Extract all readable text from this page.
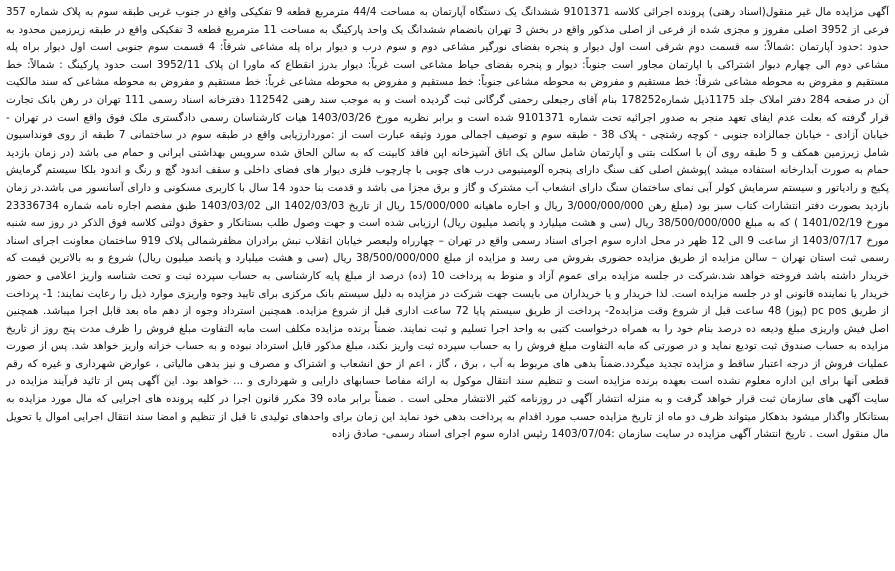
آگهی مزایده مال غیر منقول(اسناد رهنی) پرونده اجرائی کلاسه 9101371 ششدانگ یک دستگاه آپارتمان به مساحت 44/4 مترمربع قطعه 9 تفکیکی واقع در جنوب غربی طبقه سوم به پلاک شماره 357 فرعی از 3952 اصلی مفروز و مجزی شده از فرعی از اصلی مذکور واقع در بخش 3 تهران بانضمام ششدانگ یک واحد پارکینگ به مساحت 11 مترمربع قطعه 3 تفکیکی واقع در طبقه زیرزمین محدود به حدود :حدود آپارتمان :شمالاً: سه قسمت دوم شرقی است اول دیوار و پنجره بفضای نورگیر مشاعی دوم و سوم درب و دیوار براه پله مشاعی شرقاً: 4 قسمت سوم جنوبی است اول دیوار براه پله مشاعی دوم الی چهارم دیوار اشتراکی با اپارتمان مجاور است جنوباً: دیوار و پنجره بفضای حیاط مشاعی است غرباً: دیوار بدرز انقطاع که ماورا ان پلاک 3952/11 است حدود پارکینگ : شمالاً: خط مستقیم و مفروض به محوطه مشاعی شرقاً: خط مستقیم و مفروض به محوطه مشاعی جنوباً: خط مستقیم و مفروض به محوطه مشاعی غرباً: خط مستقیم و مفروض به محوطه مشاعی که سند مالکیت آن در صفحه 284 دفتر املاک جلد 1175ذیل شماره178252 بنام آقای رجبعلی رحمتی گرگانی ثبت گردیده است و به موجب سند رهنی 112542 دفترخانه اسناد رسمی 111 تهران در رهن بانک تجارت قرار گرفته که بعلت عدم ایفای تعهد منجر به صدور اجرائیه تحت شماره 9101371 شده است و برابر نظریه مورخ 1403/03/26 هیات کارشناسان رسمی دادگستری ملک فوق واقع است در تهران - خیابان آزادی - خیابان جمالزاده جنوبی - کوچه رشتچی - پلاک 38 - طبقه سوم و توصیف اجمالی مورد وثیقه عبارت است از :موردارزیابی واقع در طبقه سوم در ساختمانی 7 طبقه از روی فونداسیون شامل زیرزمین همکف و 5 طبقه روی آن با اسکلت بتنی و آپارتمان شامل سالن یک اتاق آشپزخانه اپن فاقد کابینت که به سالن الحاق شده سرویس بهداشتی ایرانی و حمام می باشد (در زمان بازدید حمام به صورت آبدارخانه استفاده میشد )پوشش اصلی کف سنگ دارای پنجره آلومینیومی درب های چوبی با چارچوب فلزی دیوار های فضای داخلی و سقف اندود گچ و رنگ و اندود بلکا سیستم گرمایش پکیج و رادیاتور و سیستم سرمایش کولر آبی نمای ساختمان سنگ دارای انشعاب آب مشترک و گاز و برق مجزا می باشد و قدمت بنا حدود 14 سال با کاربری مسکونی و دارای آسانسور می باشد.در زمان بازدید بصورت دفتر انتشارات کتاب سبز بود (مبلغ رهن 3/000/000/000 ریال و اجاره ماهیانه 15/000/000 ریال از تاریخ 1402/03/03 الی 1403/03/02 طبق مفصم اجاره نامه شماره 23336734 مورخ 1401/02/19 ) که به مبلغ 38/500/000/000 ریال (سی و هشت میلیارد و پانصد میلیون ریال) ارزیابی شده است و جهت وصول طلب بستانکار و حقوق دولتی کلاسه فوق الذکر در روز سه شنبه مورخ 1403/07/17 از ساعت 9 الی 12 ظهر در محل اداره سوم اجرای اسناد رسمی واقع در تهران – چهارراه ولیعصر خیابان انقلاب نبش برادران مظفرشمالی پلاک 919 ساختمان معاونت اجرای اسناد رسمی ثبت استان تهران – سالن مزایده از طریق مزایده حضوری بفروش می رسد و مزایده از مبلغ 38/500/000/000 ریال (سی و هشت میلیارد و پانصد میلیون ریال) شروع و به بالاترین قیمت که خریدار داشته باشد فروخته خواهد شد.شرکت در جلسه مزایده برای عموم آزاد و منوط به پرداخت 10 (ده) درصد از مبلغ پایه کارشناسی به حساب سپرده ثبت و تحت شناسه واریز اعلامی و حضور خریدار یا نماینده قانونی او در جلسه مزایده است. لذا خریدار و یا خریداران می بایست جهت شرکت در مزایده به دلیل سیستم بانک مرکزی برای تایید وجوه واریزی موارد ذیل را رعایت نمایند: 1- پرداخت از طریق pc pos (پوز) 48 ساعت قبل از شروع وقت مزایده2- پرداخت از طریق سیستم پایا 72 ساعت اداری قبل از شروع مزایده. همچنین استرداد وجوه از دهم ماه بعد قابل اجرا میباشد. همچنین اصل فیش واریزی مبلغ ودیعه ده درصد بنام خود را به همراه درخواست کتبی به واحد اجرا تسلیم و ثبت نمایند. ضمناً برنده مزایده مکلف است مابه التفاوت مبلغ فروش را ظرف مدت پنج روز از تاریخ مزایده به حساب صندوق ثبت تودیع نماید و در صورتی که مابه التفاوت مبلغ فروش را به حساب سپرده ثبت واریز نکند، مبلغ مذکور قابل استرداد نبوده و به حساب خزانه واریز خواهد شد. پس از صورت عملیات فروش از درجه اعتبار ساقط و مزایده تجدید میگردد.ضمناً بدهی های مربوط به آب ، برق ، گاز ، اعم از حق انشعاب و اشتراک و مصرف و نیز بدهی مالیاتی ، عوارض شهرداری و غیره که رقم قطعی آنها برای این اداره معلوم نشده است بعهده برنده مزایده است و تنظیم سند انتقال موکول به ارائه مفاصا حسابهای دارایی و شهرداری و ... خواهد بود. این آگهی پس از تائید فرآیند مزایده در سایت آگهی های سازمان ثبت قرار خواهد گرفت و به منزله انتشار آگهی در روزنامه کثیر الانتشار محلی است . ضمناً برابر ماده 39 مکرر قانون اجرا در کلیه پرونده های اجرایی که مال مورد مزایده به بستانکار واگذار میشود بدهکار میتواند ظرف دو ماه از تاریخ مزایده حسب مورد اقدام به پرداخت بدهی خود نماید این زمان برای واحدهای تولیدی تا قبل از تنظیم و امضا سند انتقال اجرایی اموال یا تحویل مال منقول است . تاریخ انتشار آگهی مزایده در سایت سازمان :1403/07/04 رئیس اداره سوم اجرای اسناد رسمی- صادق زاده
